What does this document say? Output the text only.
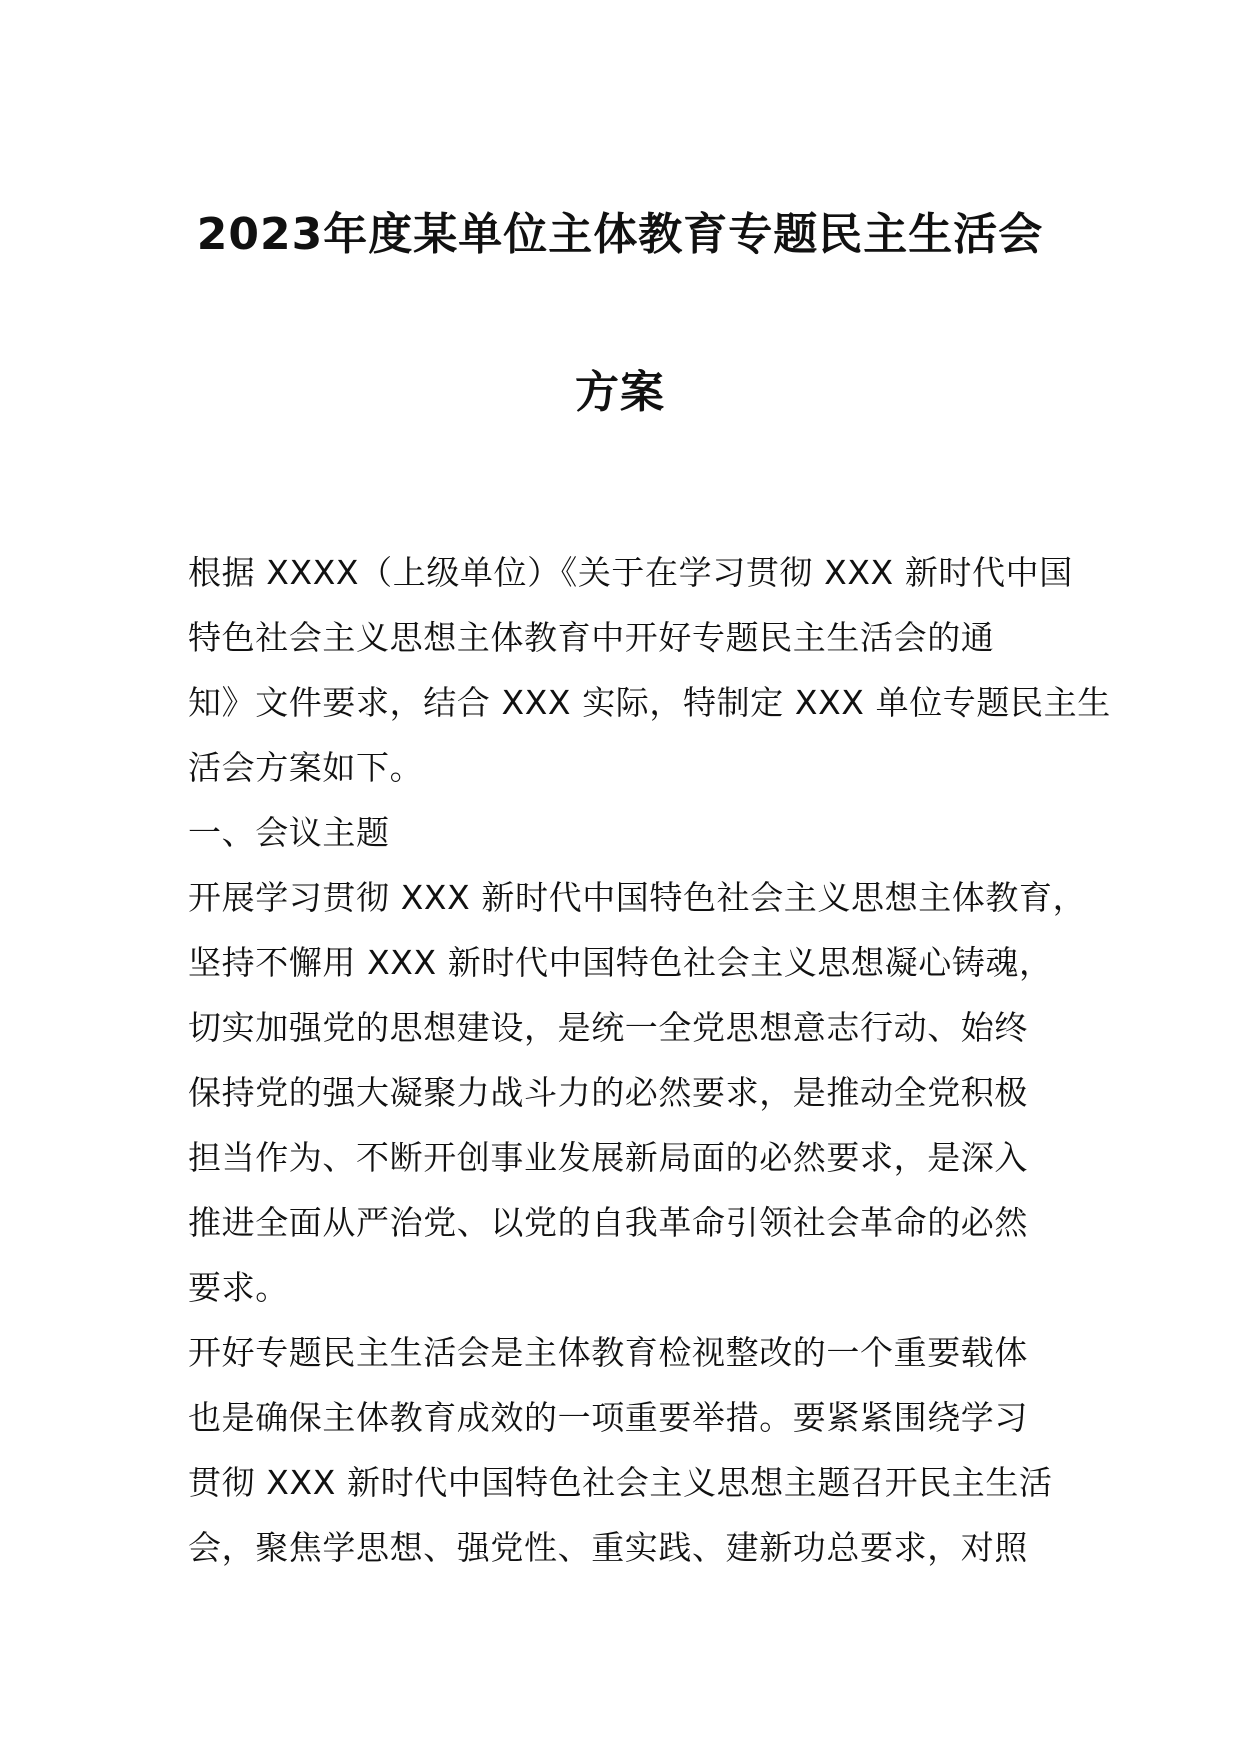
2023年度某单位主体教育专题民主生活会
方案
根据 XXXX（上级单位）《关于在学习贯彻 XXX 新时代中国
特色社会主义思想主体教育中开好专题民主生活会的通
知》文件要求，结合 XXX 实际，特制定 XXX 单位专题民主生
活会方案如下。
一、会议主题
开展学习贯彻 XXX 新时代中国特色社会主义思想主体教育，
坚持不懈用 XXX 新时代中国特色社会主义思想凝心铸魂，
切实加强党的思想建设，是统一全党思想意志行动、始终
保持党的强大凝聚力战斗力的必然要求，是推动全党积极
担当作为、不断开创事业发展新局面的必然要求，是深入
推进全面从严治党、以党的自我革命引领社会革命的必然
要求。
开好专题民主生活会是主体教育检视整改的一个重要载体
也是确保主体教育成效的一项重要举措。要紧紧围绕学习
贯彻 XXX 新时代中国特色社会主义思想主题召开民主生活
会，聚焦学思想、强党性、重实践、建新功总要求，对照
